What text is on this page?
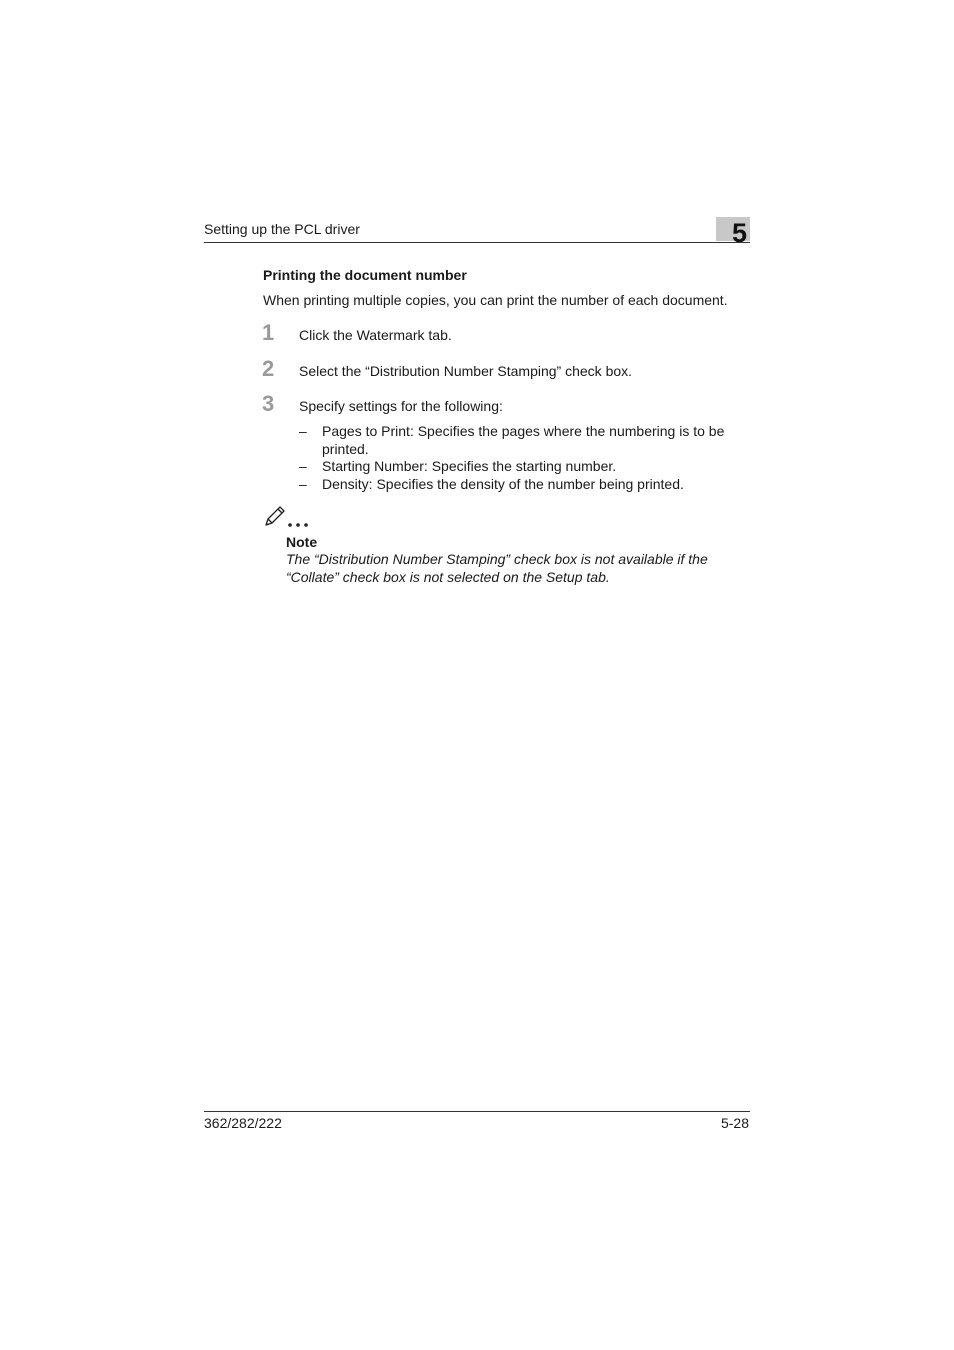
Setting up the PCL driver	5
Printing the document number
When printing multiple copies, you can print the number of each document.
1 Click the Watermark tab.
2 Select the “Distribution Number Stamping” check box.
3 Specify settings for the following:
– Pages to Print: Specifies the pages where the numbering is to be printed.
– Starting Number: Specifies the starting number.
– Density: Specifies the density of the number being printed.
Note
The “Distribution Number Stamping” check box is not available if the “Collate” check box is not selected on the Setup tab.
362/282/222	5-28
